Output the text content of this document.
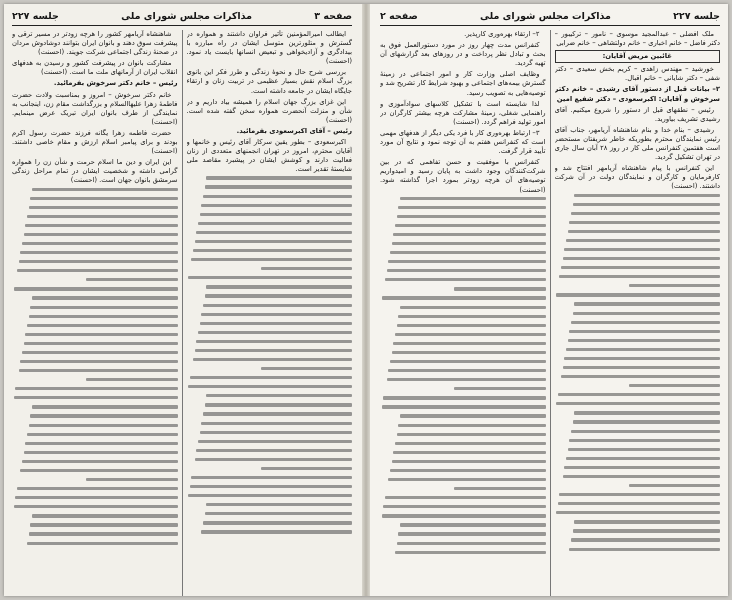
صفحه ۳
مذاکرات مجلس شورای ملی
جلسه ۲۲۷

ایطالب امیرالمؤمنین تأثیر فراوان داشتند و همواره در گسترش و متلورترین متوسل ایشان در راه مبارزه با بیدادگری و آزادیخواهی و تبعیض انسانها بایست یاد نمود. (احسنت)

بررسی شرح حال و نحوهٔ زندگی و طرز فکر این بانوی بزرگ اسلام نقش بسیار عظیمی در تربیت زنان و ارتقاء جایگاه ایشان در جامعه داشته است.

این غزای بزرگ جهان اسلام را همیشه بیاد داریم و در شأن و منزلت آنحضرت همواره سخن گفته شده است. (احسنت)

رئیس – آقای اکبرسعودی بفرمائید.

اکبرسعودی – بطور یقین سرکار آقای رئیس و خانمها و آقایان محترم، امروز در تهران انجمنهای متعددی از زنان فعالیت دارند و کوشش ایشان در پیشبرد مقاصد ملی شایستهٔ تقدیر است.

شاهنشاه آریامهر کشور را هرچه زودتر در مسیر ترقی و پیشرفت سوق دهند و بانوان ایران بتوانند دوشادوش مردان در صحنهٔ زندگی اجتماعی شرکت جویند. (احسنت)

مشارکت بانوان در پیشرفت کشور و رسیدن به هدفهای انقلاب ایران از آرمانهای ملت ما است. (احسنت)

رئیس – خانم دکتر سرخوش بفرمائید.

خانم دکتر سرخوش – امروز و بمناسبت ولادت حضرت فاطمهٔ زهرا علیهاالسلام و بزرگداشت مقام زن، اینجانب به نمایندگی از طرف بانوان ایران تبریک عرض مینمایم. (احسنت)

حضرت فاطمه زهرا یگانه فرزند حضرت رسول اکرم بودند و برای پیامبر اسلام ارزش و مقام خاصی داشتند. (احسنت)

این ایران و دین ما اسلام حرمت و شأن زن را همواره گرامی داشته و شخصیت ایشان در تمام مراحل زندگی سرمشق بانوان جهان است. (احسنت)

جلسه ۲۲۷
مذاکرات مجلس شورای ملی
صفحه ۲

ملک افضلی – عبدالمجید موسوی – نامور – ترکیبور – دکتر فاضل – خانم اخباری – خانم دولتشاهی – خانم ضرابی

غائبین مریض آقایان:

خورشید – مهندس زاهدی – کریم بخش سعیدی – دکتر شفی – دکتر شایانی – خانم اقبال.

۲– بیانات قبل از دستور آقای رشیدی – خانم دکتر سرخوش و آقایان: اکبرسعودی – دکتر شفیع امین

رئیس – نطقهای قبل از دستور را شروع میکنیم. آقای رشیدی تشریف بیاورید.

رشیدی – بنام خدا و بنام شاهنشاه آریامهر، جناب آقای رئیس نمایندگان محترم بطوریکه خاطر شریفتان مستحضر است هفتمین کنفرانس ملی کار در روز ۲۸ آبان سال جاری در تهران تشکیل گردید.

این کنفرانس با پیام شاهنشاه آریامهر افتتاح شد و کارفرمایان و کارگران و نمایندگان دولت در آن شرکت داشتند. (احسنت)

۲– ارتقاء بهره‌وری کارپذیر.

کنفرانس مدت چهار روز در مورد دستورالعمل فوق به بحث و تبادل نظر پرداخت و در روزهای بعد گزارشهای آن تهیه گردید.

وظایف اصلی وزارت کار و امور اجتماعی در زمینهٔ گسترش بیمه‌های اجتماعی و بهبود شرایط کار تشریح شد و توصیه‌هایی به تصویب رسید.

لذا شایسته است با تشکیل کلاسهای سوادآموزی و راهنمایی شغلی، زمینهٔ مشارکت هرچه بیشتر کارگران در امور تولید فراهم گردد. (احسنت)

۳– ارتباط بهره‌وری کار با فرد یکی دیگر از هدفهای مهمی است که کنفرانس هفتم به آن توجه نمود و نتایج آن مورد تأیید قرار گرفت.

کنفرانس با موفقیت و حسن تفاهمی که در بین شرکت‌کنندگان وجود داشت به پایان رسید و امیدواریم توصیه‌های آن هرچه زودتر بمورد اجرا گذاشته شود. (احسنت)
